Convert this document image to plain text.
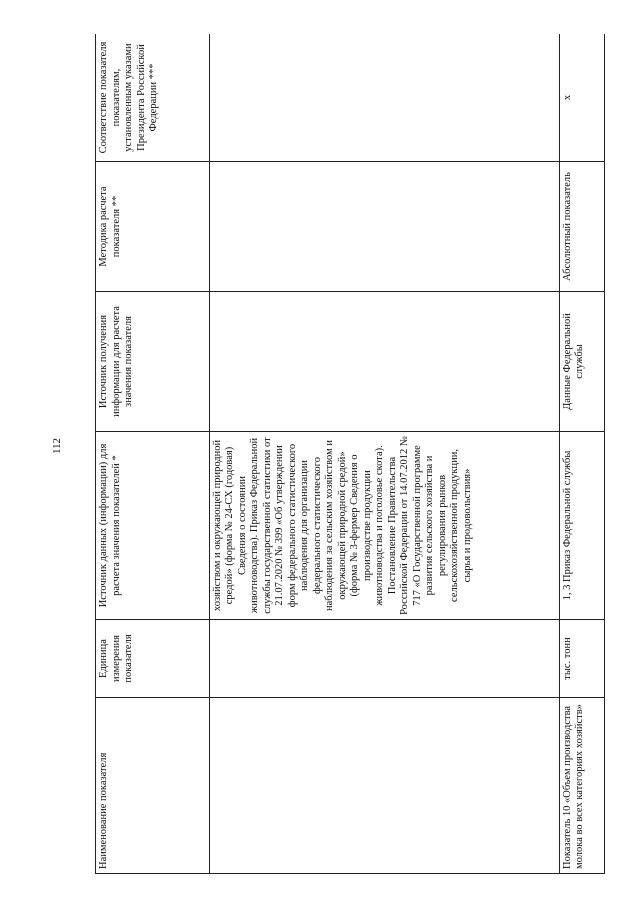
112
Наименование показателя	Единица измерения показателя	Источник данных (информации) для расчета значения показателей *	Источник получения информации для расчета значения показателя	Методика расчета показателя **	Соответствие показателя показателям, установленным указами Президента Российской Федерации ***
		хозяйством и окружающей природной средой» (форма № 24-СХ (годовая) Сведения о состоянии животноводства). Приказ Федеральной службы государственной статистики от 21.07.2020 № 399 «Об утверждении форм федерального статистического наблюдения для организации федерального статистического наблюдения за сельским хозяйством и окружающей природной средой» (форма № 3-фермер Сведения о производстве продукции животноводства и поголовье скота). Постановление Правительства Российской Федерации от 14.07.2012 № 717 «О Государственной программе развития сельского хозяйства и регулирования рынков сельскохозяйственной продукции, сырья и продовольствия»			
Показатель 10 «Объем производства молока во всех категориях хозяйств»	тыс. тонн	1, 3 Приказ Федеральной службы	Данные Федеральной службы	Абсолютный показатель	х
